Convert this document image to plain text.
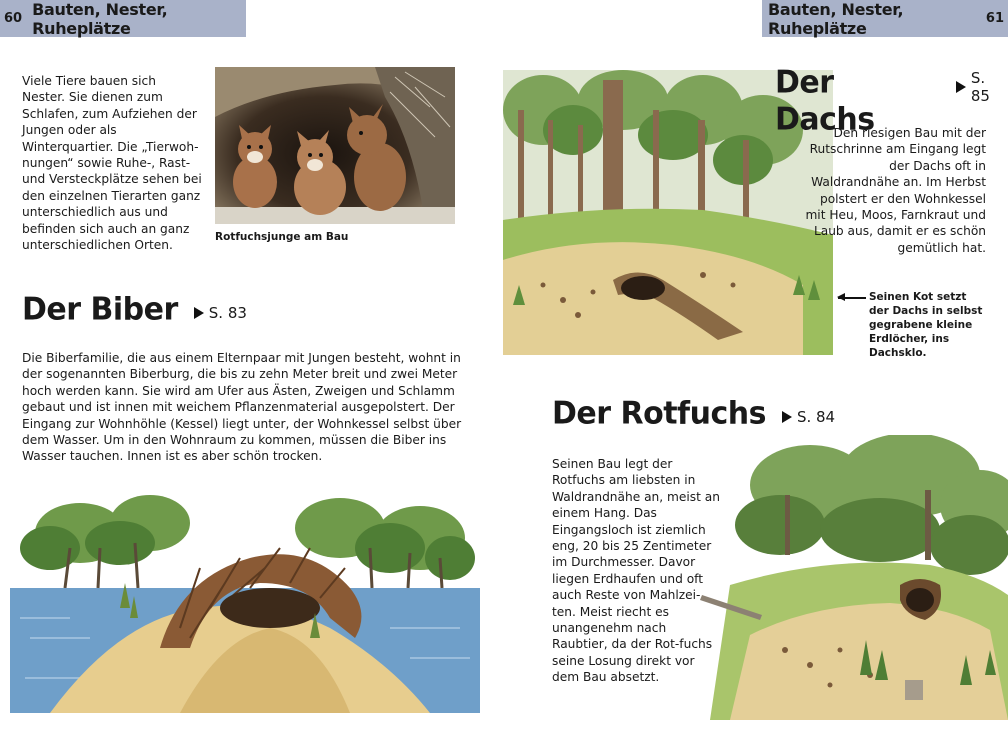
60 Bauten, Nester, Ruheplätze
Bauten, Nester, Ruheplätze	61

Viele Tiere bauen sich Nester. Sie dienen zum Schlafen, zum Aufziehen der Jungen oder als Winterquartier. Die „Tierwoh-nungen“ sowie Ruhe-, Rast- und Versteckplätze sehen bei den einzelnen Tierarten ganz unterschiedlich aus und befinden sich auch an ganz unterschiedlichen Orten.

Rotfuchsjunge am Bau
Der Biber S. 83

Die Biberfamilie, die aus einem Elternpaar mit Jungen besteht, wohnt in der sogenannten Biberburg, die bis zu zehn Meter breit und zwei Meter hoch werden kann. Sie wird am Ufer aus Ästen, Zweigen und Schlamm gebaut und ist innen mit weichem Pflanzenmaterial ausgepolstert. Der Eingang zur Wohnhöhle (Kessel) liegt unter, der Wohnkessel selbst über dem Wasser. Um in den Wohnraum zu kommen, müssen die Biber ins Wasser tauchen. Innen ist es aber schön trocken.

Der Dachs
S. 85

Den riesigen Bau mit der Rutschrinne am Eingang legt der Dachs oft in Waldrandnähe an. Im Herbst polstert er den Wohnkessel mit Heu, Moos, Farnkraut und Laub aus, damit er es schön gemütlich hat.

Seinen Kot setzt der Dachs in selbst gegrabene kleine Erdlöcher, ins Dachsklo.
Der Rotfuchs S. 84

Seinen Bau legt der Rotfuchs am liebsten in Waldrandnähe an, meist an einem Hang. Das Eingangsloch ist ziemlich eng, 20 bis 25 Zentimeter im Durchmesser. Davor liegen Erdhaufen und oft auch Reste von Mahlzei-ten. Meist riecht es unangenehm nach Raubtier, da der Rot-fuchs seine Losung direkt vor dem Bau absetzt.
